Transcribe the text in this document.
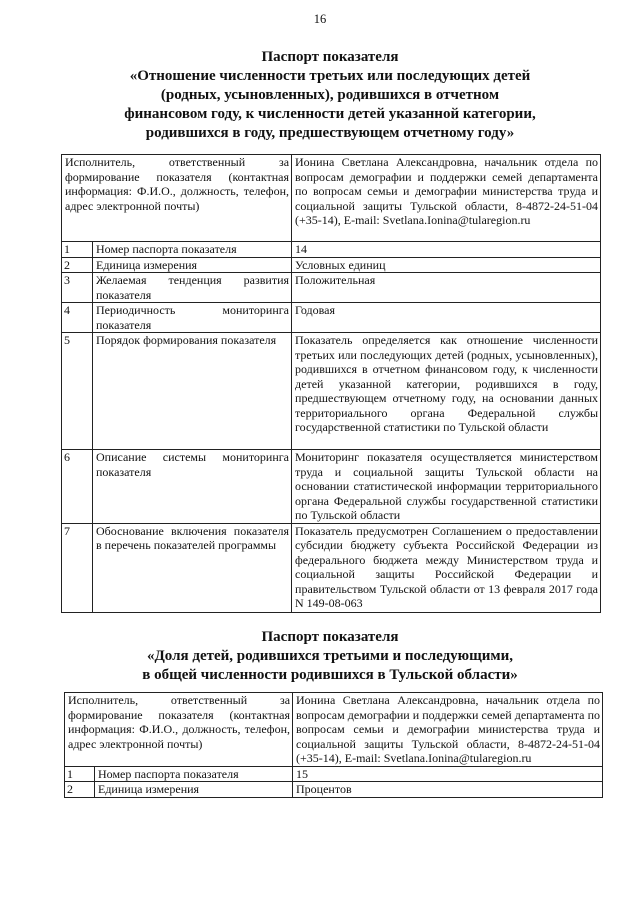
16
Паспорт показателя
«Отношение численности третьих или последующих детей
(родных, усыновленных), родившихся в отчетном
финансовом году, к численности детей указанной категории,
родившихся в году, предшествующем отчетному году»
Исполнитель, ответственный за формирование показателя (контактная информация: Ф.И.О., должность, телефон, адрес электронной почты)		Ионина Светлана Александровна, начальник отдела по вопросам демографии и поддержки семей департамента по вопросам семьи и демографии министерства труда и социальной защиты Тульской области, 8-4872-24-51-04 (+35-14), E-mail: Svetlana.Ionina@tularegion.ru
1	Номер паспорта показателя	14
2	Единица измерения	Условных единиц
3	Желаемая тенденция развития показателя	Положительная
4	Периодичность мониторинга показателя	Годовая
5	Порядок формирования показателя	Показатель определяется как отношение численности третьих или последующих детей (родных, усыновленных), родившихся в отчетном финансовом году, к численности детей указанной категории, родившихся в году, предшествующем отчетному году, на основании данных территориального органа Федеральной службы государственной статистики по Тульской области
6	Описание системы мониторинга показателя	Мониторинг показателя осуществляется министерством труда и социальной защиты Тульской области на основании статистической информации территориального органа Федеральной службы государственной статистики по Тульской области
7	Обоснование включения показателя в перечень показателей программы	Показатель предусмотрен Соглашением о предоставлении субсидии бюджету субъекта Российской Федерации из федерального бюджета между Министерством труда и социальной защиты Российской Федерации и правительством Тульской области от 13 февраля 2017 года N 149-08-063
Паспорт показателя
«Доля детей, родившихся третьими и последующими,
в общей численности родившихся в Тульской области»
Исполнитель, ответственный за формирование показателя (контактная информация: Ф.И.О., должность, телефон, адрес электронной почты)		Ионина Светлана Александровна, начальник отдела по вопросам демографии и поддержки семей департамента по вопросам семьи и демографии министерства труда и социальной защиты Тульской области, 8-4872-24-51-04 (+35-14), E-mail: Svetlana.Ionina@tularegion.ru
1	Номер паспорта показателя	15
2	Единица измерения	Процентов
